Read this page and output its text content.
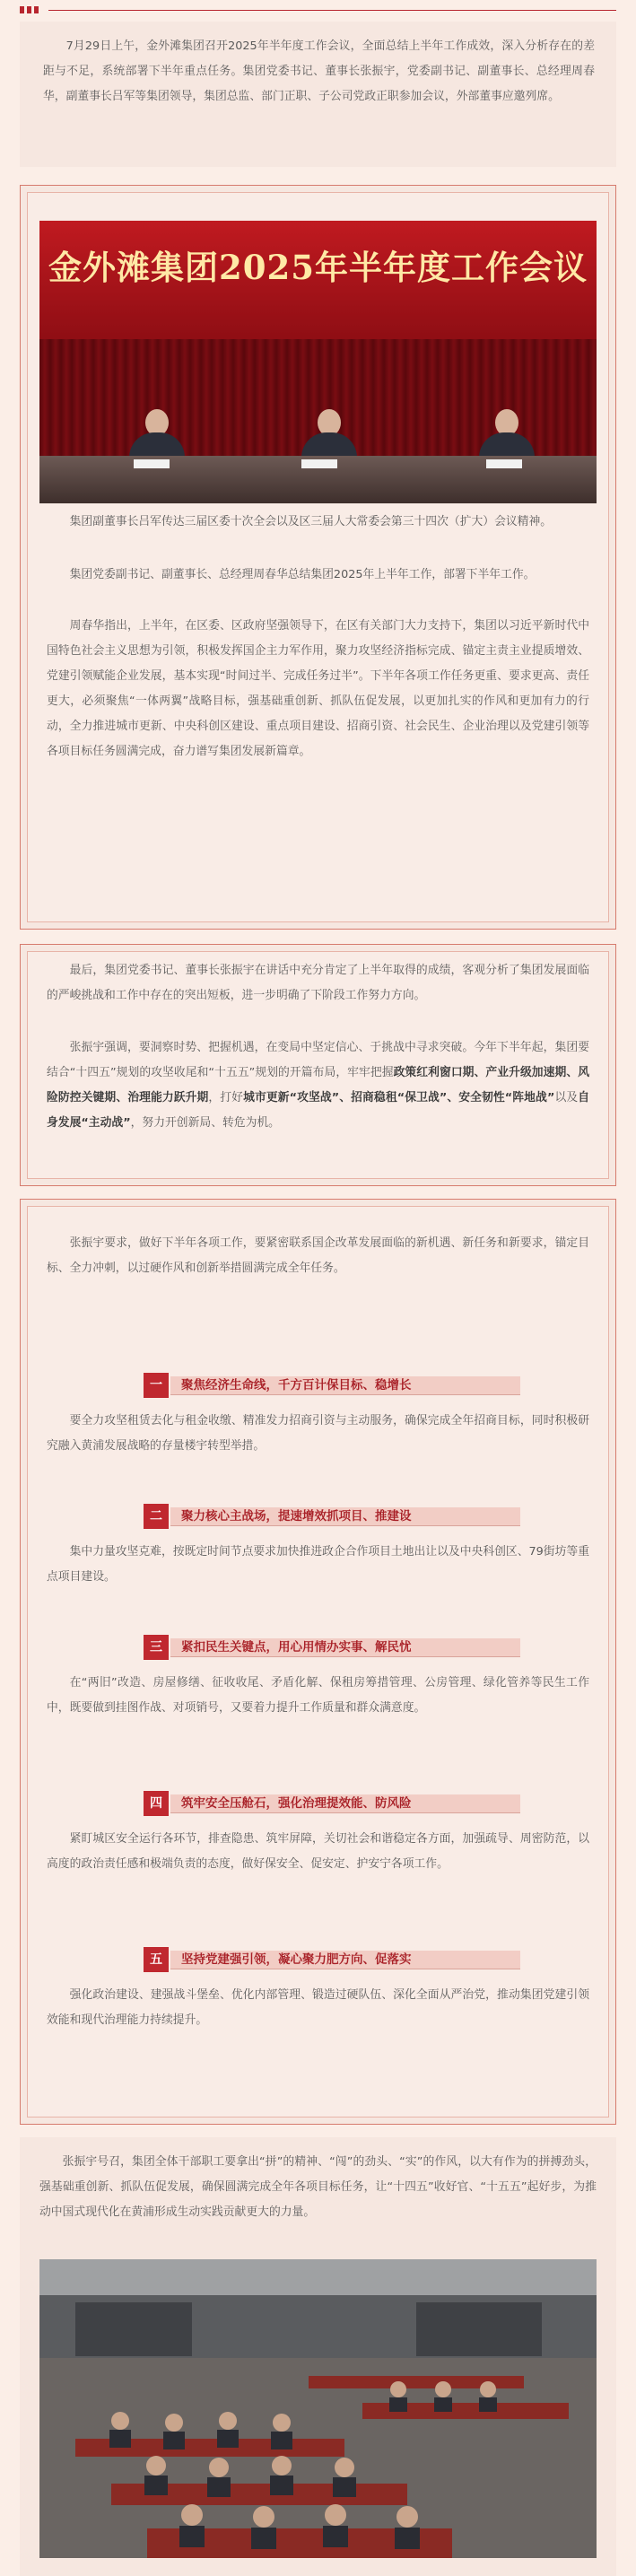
7月29日上午，金外滩集团召开2025年半年度工作会议，全面总结上半年工作成效，深入分析存在的差距与不足，系统部署下半年重点任务。集团党委书记、董事长张振宇，党委副书记、副董事长、总经理周春华，副董事长吕军等集团领导，集团总监、部门正职、子公司党政正职参加会议，外部董事应邀列席。

金外滩集团2025年半年度工作会议

集团副董事长吕军传达三届区委十次全会以及区三届人大常委会第三十四次（扩大）会议精神。

集团党委副书记、副董事长、总经理周春华总结集团2025年上半年工作，部署下半年工作。

周春华指出，上半年，在区委、区政府坚强领导下，在区有关部门大力支持下，集团以习近平新时代中国特色社会主义思想为引领，积极发挥国企主力军作用，聚力攻坚经济指标完成、锚定主责主业提质增效、党建引领赋能企业发展，基本实现“时间过半、完成任务过半”。下半年各项工作任务更重、要求更高、责任更大，必须聚焦“一体两翼”战略目标，强基础重创新、抓队伍促发展，以更加扎实的作风和更加有力的行动，全力推进城市更新、中央科创区建设、重点项目建设、招商引资、社会民生、企业治理以及党建引领等各项目标任务圆满完成，奋力谱写集团发展新篇章。

最后，集团党委书记、董事长张振宇在讲话中充分肯定了上半年取得的成绩，客观分析了集团发展面临的严峻挑战和工作中存在的突出短板，进一步明确了下阶段工作努力方向。

张振宇强调，要洞察时势、把握机遇，在变局中坚定信心、于挑战中寻求突破。今年下半年起，集团要结合“十四五”规划的攻坚收尾和“十五五”规划的开篇布局，牢牢把握政策红利窗口期、产业升级加速期、风险防控关键期、治理能力跃升期，打好城市更新“攻坚战”、招商稳租“保卫战”、安全韧性“阵地战”以及自身发展“主动战”，努力开创新局、转危为机。

张振宇要求，做好下半年各项工作，要紧密联系国企改革发展面临的新机遇、新任务和新要求，锚定目标、全力冲刺，以过硬作风和创新举措圆满完成全年任务。

一	聚焦经济生命线，千方百计保目标、稳增长

要全力攻坚租赁去化与租金收缴、精准发力招商引资与主动服务，确保完成全年招商目标，同时积极研究融入黄浦发展战略的存量楼宇转型举措。

二	聚力核心主战场，提速增效抓项目、推建设

集中力量攻坚克难，按既定时间节点要求加快推进政企合作项目土地出让以及中央科创区、79街坊等重点项目建设。

三	紧扣民生关键点，用心用情办实事、解民忧

在“两旧”改造、房屋修缮、征收收尾、矛盾化解、保租房筹措管理、公房管理、绿化管养等民生工作中，既要做到挂图作战、对项销号，又要着力提升工作质量和群众满意度。

四	筑牢安全压舱石，强化治理提效能、防风险

紧盯城区安全运行各环节，排查隐患、筑牢屏障，关切社会和谐稳定各方面，加强疏导、周密防范，以高度的政治责任感和极端负责的态度，做好保安全、促安定、护安宁各项工作。

五	坚持党建强引领，凝心聚力肥方向、促落实

强化政治建设、建强战斗堡垒、优化内部管理、锻造过硬队伍、深化全面从严治党，推动集团党建引领效能和现代治理能力持续提升。

张振宇号召，集团全体干部职工要拿出“拼”的精神、“闯”的劲头、“实”的作风，以大有作为的拼搏劲头，强基础重创新、抓队伍促发展，确保圆满完成全年各项目标任务，让“十四五”收好官、“十五五”起好步，为推动中国式现代化在黄浦形成生动实践贡献更大的力量。
